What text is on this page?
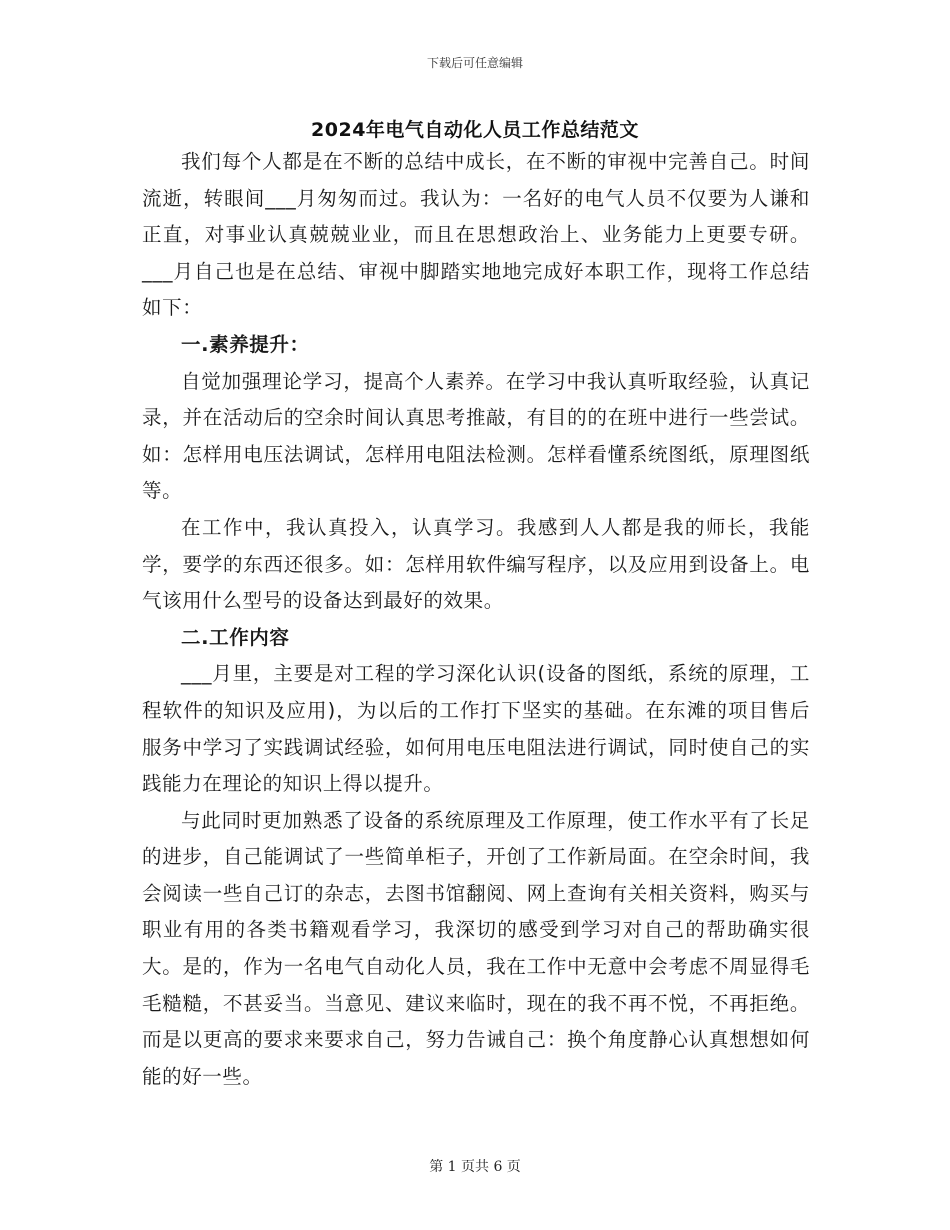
下载后可任意编辑
2024年电气自动化人员工作总结范文

我们每个人都是在不断的总结中成长，在不断的审视中完善自己。时间流逝，转眼间___月匆匆而过。我认为：一名好的电气人员不仅要为人谦和正直，对事业认真兢兢业业，而且在思想政治上、业务能力上更要专研。___月自己也是在总结、审视中脚踏实地地完成好本职工作，现将工作总结如下：

一.素养提升：

自觉加强理论学习，提高个人素养。在学习中我认真听取经验，认真记录，并在活动后的空余时间认真思考推敲，有目的的在班中进行一些尝试。如：怎样用电压法调试，怎样用电阻法检测。怎样看懂系统图纸，原理图纸等。

在工作中，我认真投入，认真学习。我感到人人都是我的师长，我能学，要学的东西还很多。如：怎样用软件编写程序，以及应用到设备上。电气该用什么型号的设备达到最好的效果。

二.工作内容

___月里，主要是对工程的学习深化认识(设备的图纸，系统的原理，工程软件的知识及应用)，为以后的工作打下坚实的基础。在东滩的项目售后服务中学习了实践调试经验，如何用电压电阻法进行调试，同时使自己的实践能力在理论的知识上得以提升。

与此同时更加熟悉了设备的系统原理及工作原理，使工作水平有了长足的进步，自己能调试了一些简单柜子，开创了工作新局面。在空余时间，我会阅读一些自己订的杂志，去图书馆翻阅、网上查询有关相关资料，购买与职业有用的各类书籍观看学习，我深切的感受到学习对自己的帮助确实很大。是的，作为一名电气自动化人员，我在工作中无意中会考虑不周显得毛毛糙糙，不甚妥当。当意见、建议来临时，现在的我不再不悦，不再拒绝。而是以更高的要求来要求自己，努力告诫自己：换个角度静心认真想想如何能的好一些。

第 1 页共 6 页
